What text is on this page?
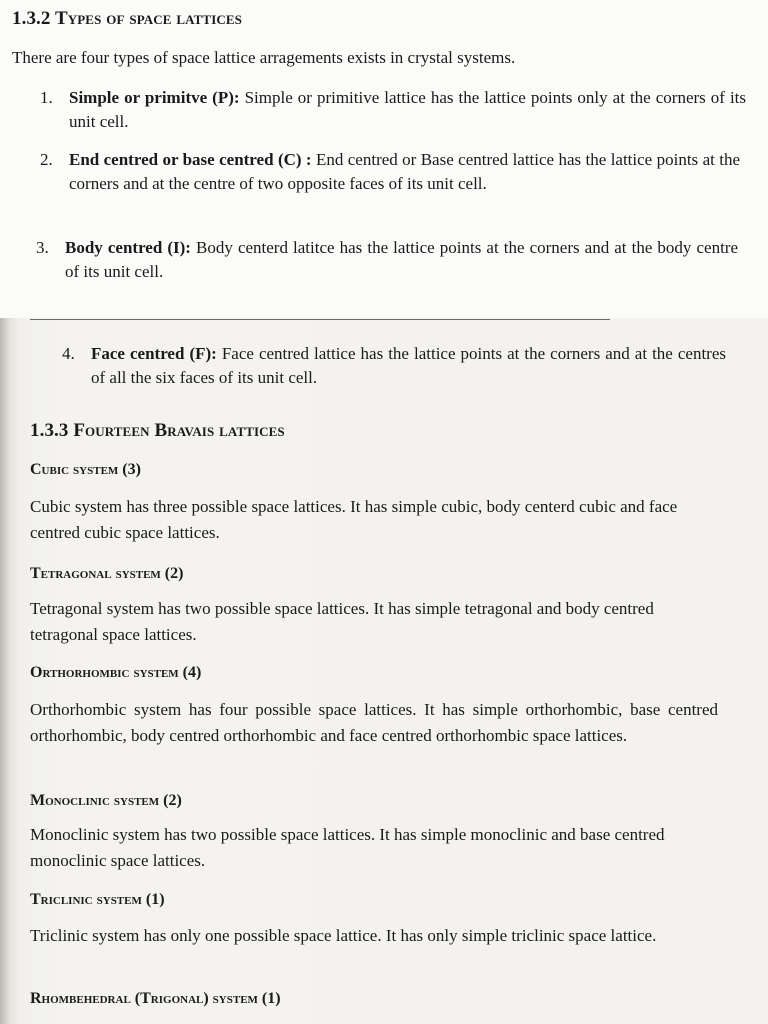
1.3.2 Types of space lattices
There are four types of space lattice arragements exists in crystal systems.
1. Simple or primitve (P): Simple or primitive lattice has the lattice points only at the corners of its unit cell.
2. End centred or base centred (C) : End centred or Base centred lattice has the lattice points at the corners and at the centre of two opposite faces of its unit cell.
3. Body centred (I): Body centerd latitce has the lattice points at the corners and at the body centre of its unit cell.
4. Face centred (F): Face centred lattice has the lattice points at the corners and at the centres of all the six faces of its unit cell.
1.3.3 Fourteen Bravais lattices
Cubic system (3)
Cubic system has three possible space lattices. It has simple cubic, body centerd cubic and face centred cubic space lattices.
Tetragonal system (2)
Tetragonal system has two possible space lattices. It has simple tetragonal and body centred tetragonal space lattices.
Orthorhombic system (4)
Orthorhombic system has four possible space lattices. It has simple orthorhombic, base centred orthorhombic, body centred orthorhombic and face centred orthorhombic space lattices.
Monoclinic system (2)
Monoclinic system has two possible space lattices. It has simple monoclinic and base centred monoclinic space lattices.
Triclinic system (1)
Triclinic system has only one possible space lattice. It has only simple triclinic space lattice.
Rhombehedral (Trigonal) system (1)
